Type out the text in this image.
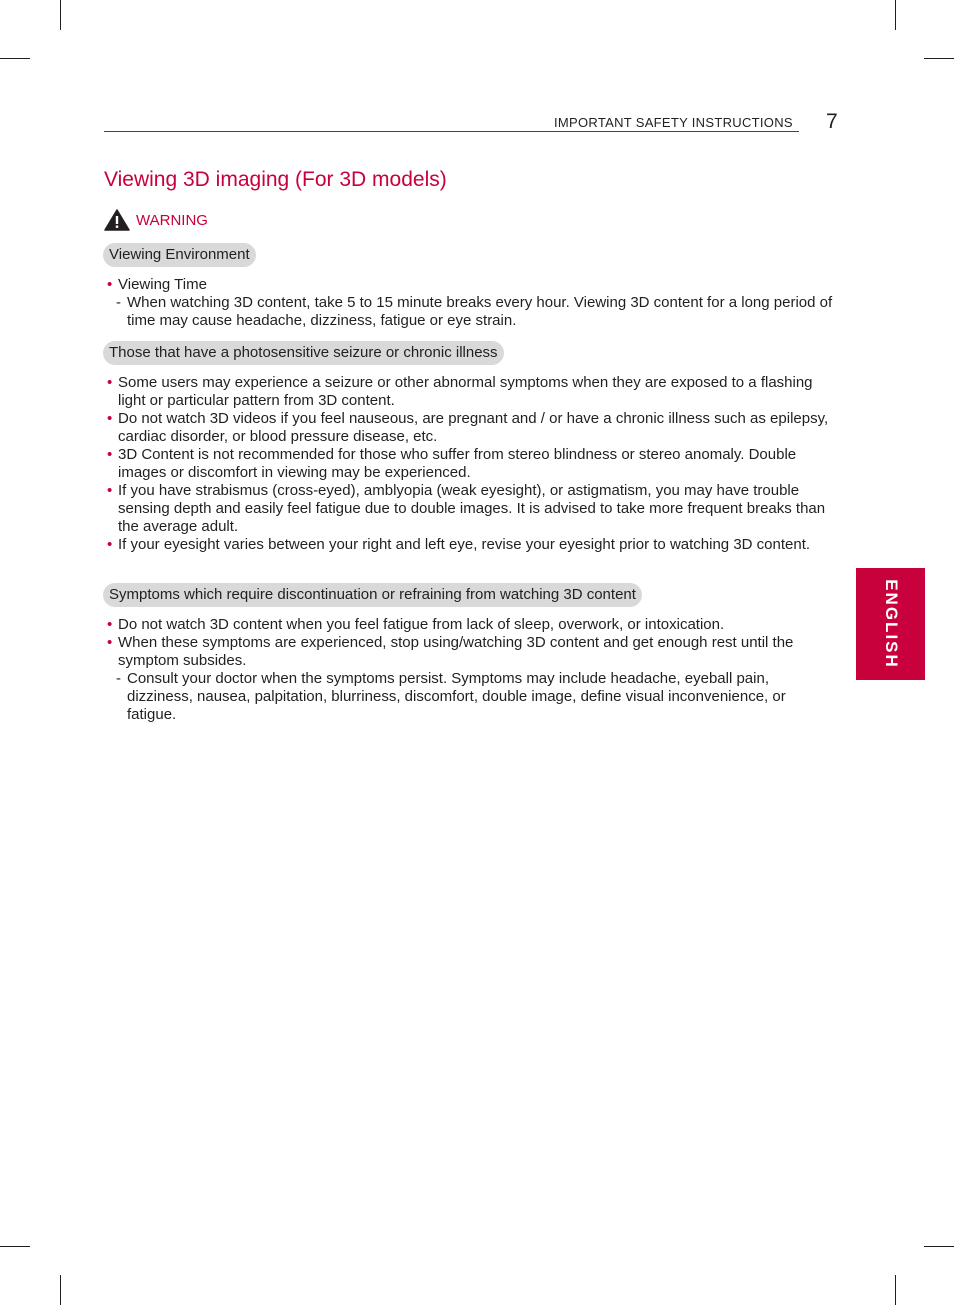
IMPORTANT SAFETY INSTRUCTIONS 7
Viewing 3D imaging (For 3D models)
WARNING
Viewing Environment
• Viewing Time
- When watching 3D content, take 5 to 15 minute breaks every hour. Viewing 3D content for a long period of time may cause headache, dizziness, fatigue or eye strain.
Those that have a photosensitive seizure or chronic illness
• Some users may experience a seizure or other abnormal symptoms when they are exposed to a flashing light or particular pattern from 3D content.
• Do not watch 3D videos if you feel nauseous, are pregnant and / or have a chronic illness such as epilepsy, cardiac disorder, or blood pressure disease, etc.
• 3D Content is not recommended for those who suffer from stereo blindness or stereo anomaly. Double images or discomfort in viewing may be experienced.
• If you have strabismus (cross-eyed), amblyopia (weak eyesight), or astigmatism, you may have trouble sensing depth and easily feel fatigue due to double images. It is advised to take more frequent breaks than the average adult.
• If your eyesight varies between your right and left eye, revise your eyesight prior to watching 3D content.
Symptoms which require discontinuation or refraining from watching 3D content
• Do not watch 3D content when you feel fatigue from lack of sleep, overwork, or intoxication.
• When these symptoms are experienced, stop using/watching 3D content and get enough rest until the symptom subsides.
- Consult your doctor when the symptoms persist. Symptoms may include headache, eyeball pain, dizziness, nausea, palpitation, blurriness, discomfort, double image, define visual inconvenience, or fatigue.
ENGLISH
